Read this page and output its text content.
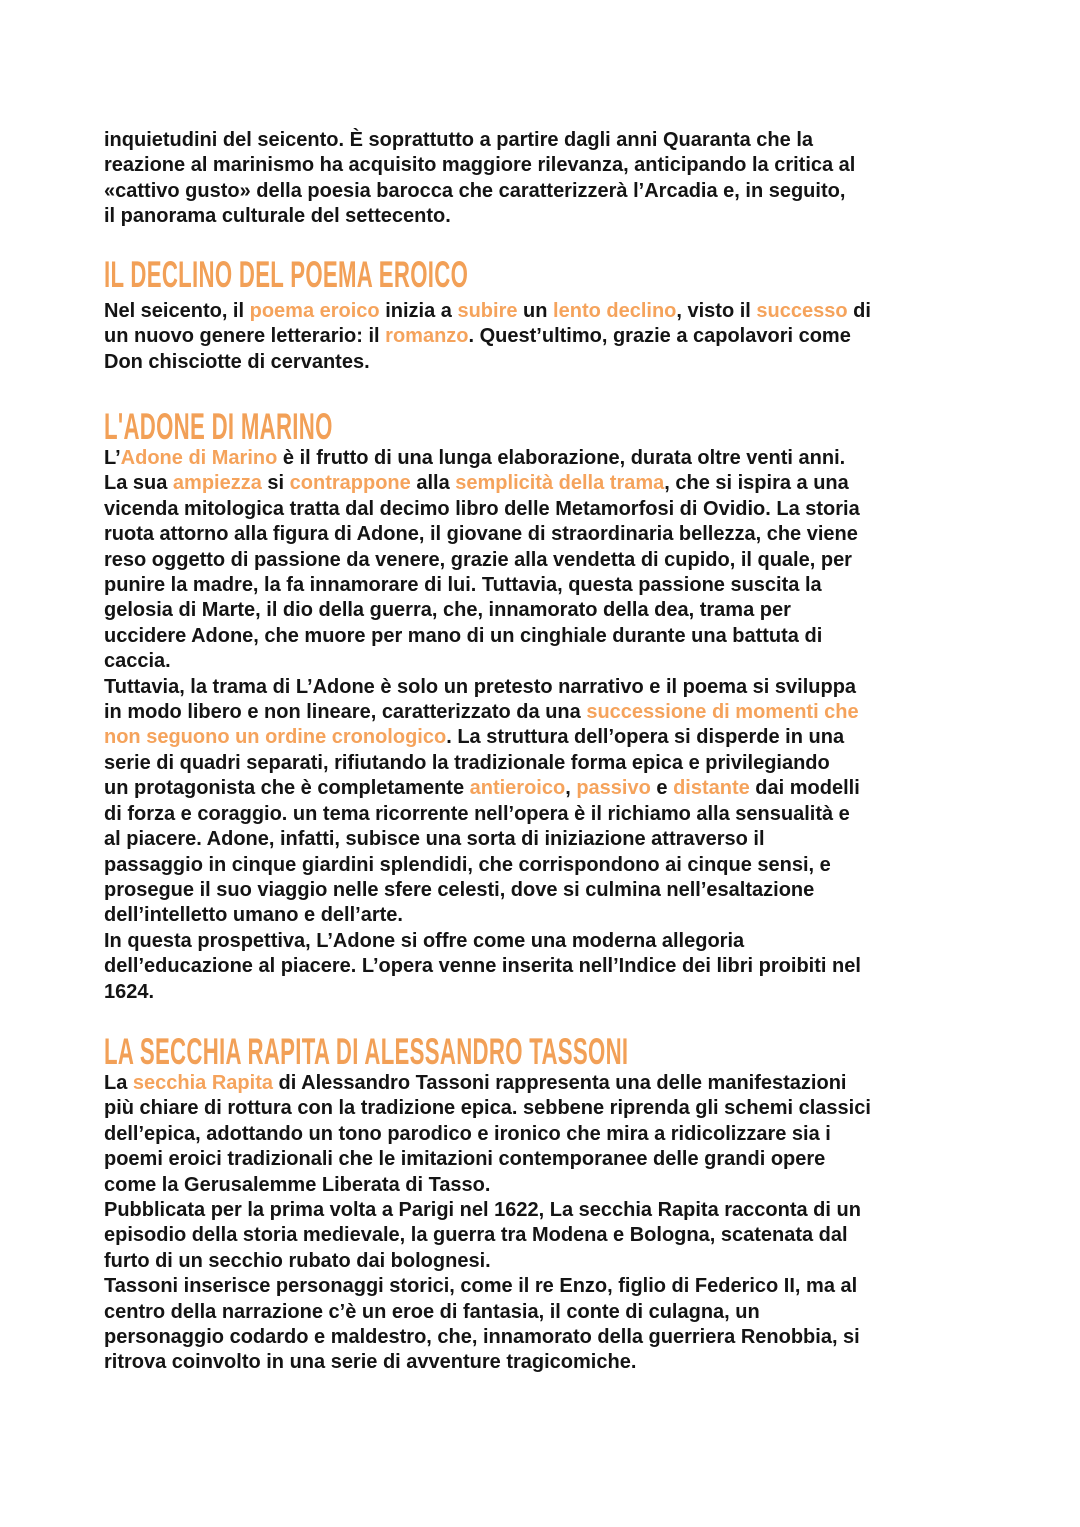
inquietudini del seicento. È soprattutto a partire dagli anni Quaranta che la
reazione al marinismo ha acquisito maggiore rilevanza, anticipando la critica al
«cattivo gusto» della poesia barocca che caratterizzerà l’Arcadia e, in seguito,
il panorama culturale del settecento.
IL DECLINO DEL POEMA EROICO
Nel seicento, il poema eroico inizia a subire un lento declino, visto il successo di
un nuovo genere letterario: il romanzo. Quest’ultimo, grazie a capolavori come
Don chisciotte di cervantes.
L'ADONE DI MARINO
L’Adone di Marino è il frutto di una lunga elaborazione, durata oltre venti anni.
La sua ampiezza si contrappone alla semplicità della trama, che si ispira a una
vicenda mitologica tratta dal decimo libro delle Metamorfosi di Ovidio. La storia
ruota attorno alla figura di Adone, il giovane di straordinaria bellezza, che viene
reso oggetto di passione da venere, grazie alla vendetta di cupido, il quale, per
punire la madre, la fa innamorare di lui. Tuttavia, questa passione suscita la
gelosia di Marte, il dio della guerra, che, innamorato della dea, trama per
uccidere Adone, che muore per mano di un cinghiale durante una battuta di
caccia.
Tuttavia, la trama di L’Adone è solo un pretesto narrativo e il poema si sviluppa
in modo libero e non lineare, caratterizzato da una successione di momenti che
non seguono un ordine cronologico. La struttura dell’opera si disperde in una
serie di quadri separati, rifiutando la tradizionale forma epica e privilegiando
un protagonista che è completamente antieroico, passivo e distante dai modelli
di forza e coraggio. un tema ricorrente nell’opera è il richiamo alla sensualità e
al piacere. Adone, infatti, subisce una sorta di iniziazione attraverso il
passaggio in cinque giardini splendidi, che corrispondono ai cinque sensi, e
prosegue il suo viaggio nelle sfere celesti, dove si culmina nell’esaltazione
dell’intelletto umano e dell’arte.
In questa prospettiva, L’Adone si offre come una moderna allegoria
dell’educazione al piacere. L’opera venne inserita nell’Indice dei libri proibiti nel
1624.
LA SECCHIA RAPITA DI ALESSANDRO TASSONI
La secchia Rapita di Alessandro Tassoni rappresenta una delle manifestazioni
più chiare di rottura con la tradizione epica. sebbene riprenda gli schemi classici
dell’epica, adottando un tono parodico e ironico che mira a ridicolizzare sia i
poemi eroici tradizionali che le imitazioni contemporanee delle grandi opere
come la Gerusalemme Liberata di Tasso.
Pubblicata per la prima volta a Parigi nel 1622, La secchia Rapita racconta di un
episodio della storia medievale, la guerra tra Modena e Bologna, scatenata dal
furto di un secchio rubato dai bolognesi.
Tassoni inserisce personaggi storici, come il re Enzo, figlio di Federico II, ma al
centro della narrazione c’è un eroe di fantasia, il conte di culagna, un
personaggio codardo e maldestro, che, innamorato della guerriera Renobbia, si
ritrova coinvolto in una serie di avventure tragicomiche.
